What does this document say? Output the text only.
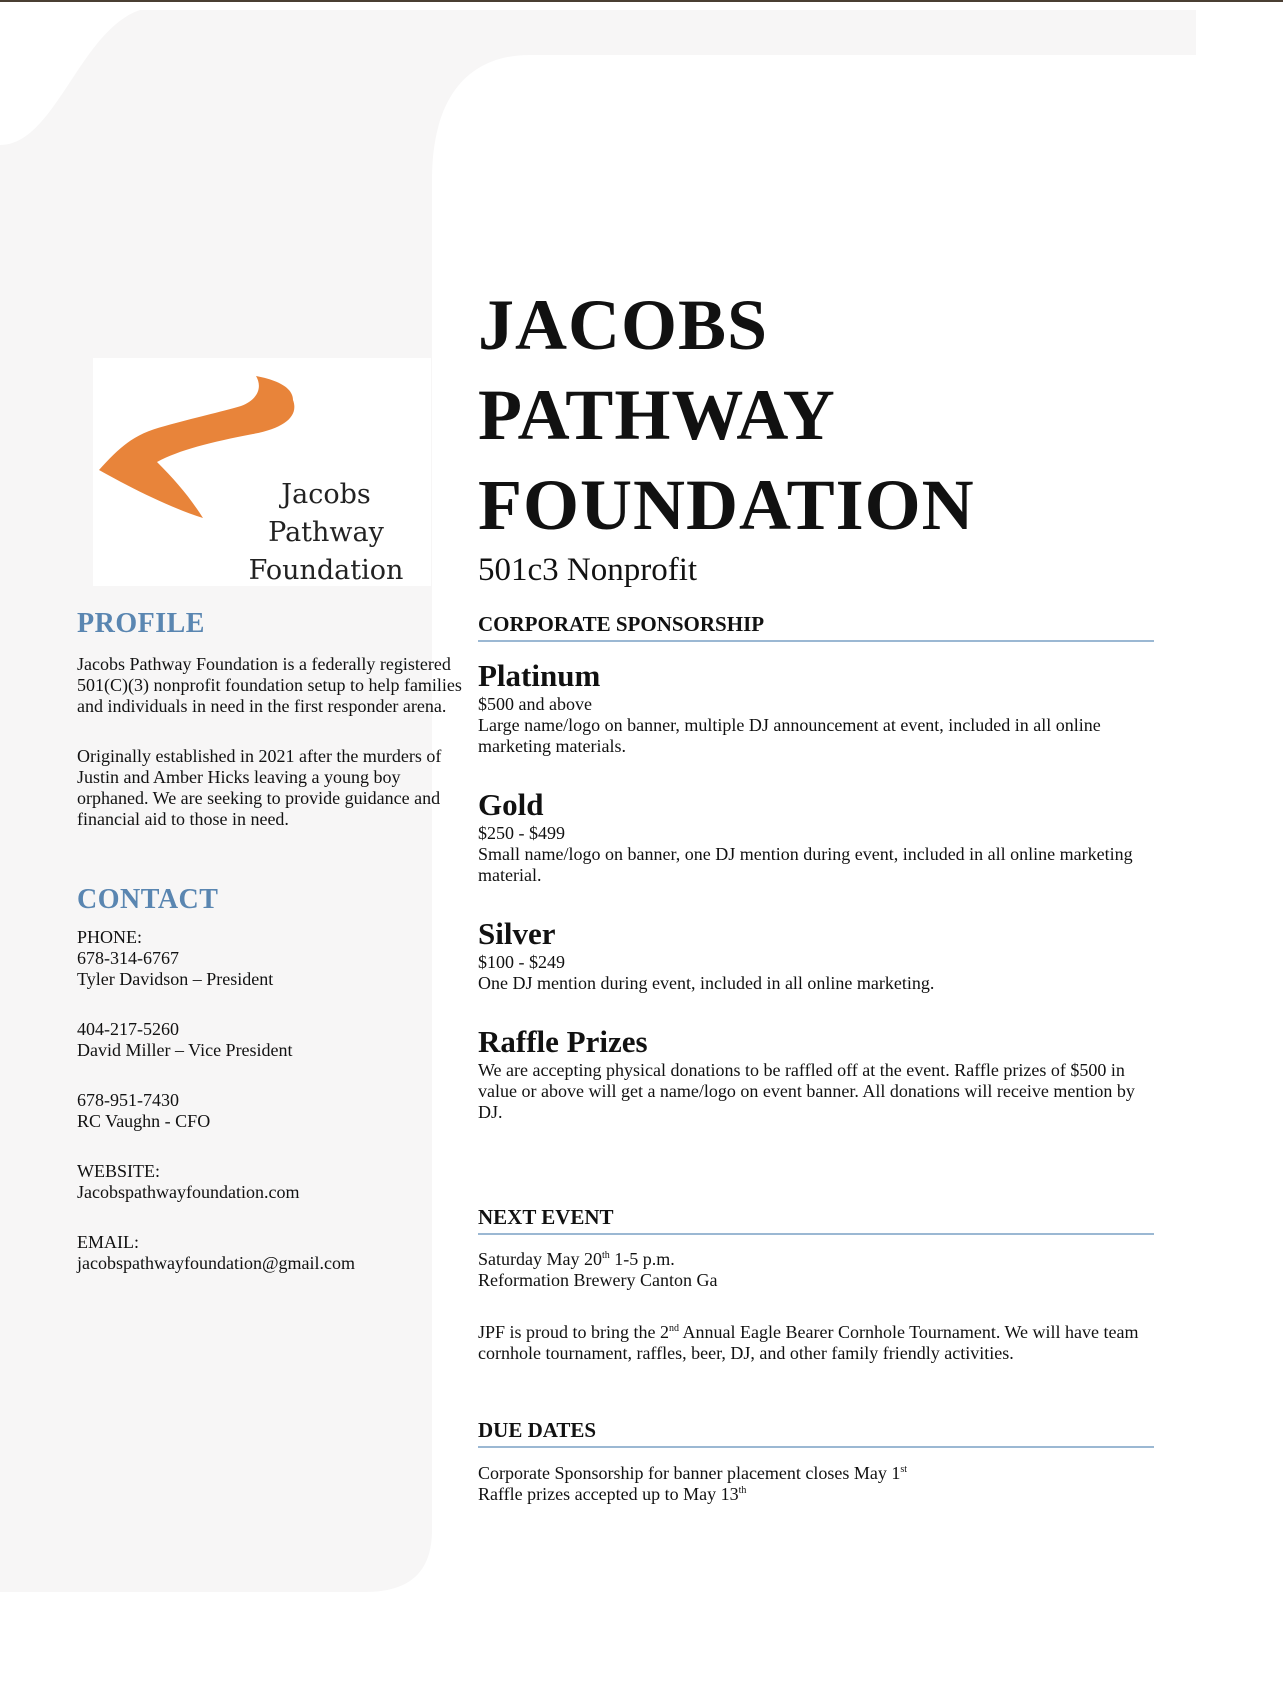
Jacobs Pathway
Foundation
PROFILE

Jacobs Pathway Foundation is a federally registered 501(C)(3) nonprofit foundation setup to help families and individuals in need in the first responder arena.

Originally established in 2021 after the murders of Justin and Amber Hicks leaving a young boy orphaned. We are seeking to provide guidance and financial aid to those in need.

CONTACT

PHONE:

678-314-6767

Tyler Davidson – President

404-217-5260

David Miller – Vice President

678-951-7430

RC Vaughn - CFO

WEBSITE:

Jacobspathwayfoundation.com

EMAIL:

jacobspathwayfoundation@gmail.com

JACOBS
PATHWAY
FOUNDATION

501c3 Nonprofit

CORPORATE SPONSORSHIP
Platinum

$500 and above

Large name/logo on banner, multiple DJ announcement at event, included in all online marketing materials.

Gold

$250 - $499

Small name/logo on banner, one DJ mention during event, included in all online marketing material.

Silver

$100 - $249

One DJ mention during event, included in all online marketing.

Raffle Prizes

We are accepting physical donations to be raffled off at the event. Raffle prizes of $500 in value or above will get a name/logo on event banner. All donations will receive mention by DJ.

NEXT EVENT

Saturday May 20th 1-5 p.m.

Reformation Brewery Canton Ga

JPF is proud to bring the 2nd Annual Eagle Bearer Cornhole Tournament. We will have team cornhole tournament, raffles, beer, DJ, and other family friendly activities.

DUE DATES

Corporate Sponsorship for banner placement closes May 1st

Raffle prizes accepted up to May 13th
